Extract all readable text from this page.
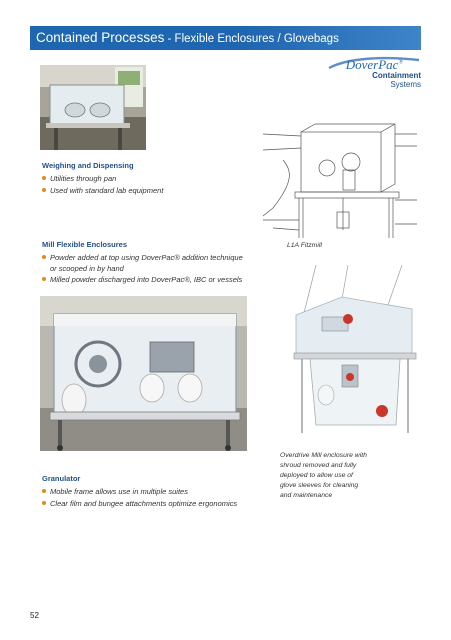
Contained Processes - Flexible Enclosures / Glovebags
DoverPac®
Containment
Systems
Weighing and Dispensing
Utilities through pan
Used with standard lab equipment
Mill Flexible Enclosures	L1A Fitzmill
Powder added at top using DoverPac® addition technique or scooped in by hand
Milled powder discharged into DoverPac®, IBC or vessels
Overdrive Mill enclosure with
shroud removed and fully
deployed to allow use of
glove sleeves for cleaning
and maintenance
Granulator
Mobile frame allows use in multiple suites
Clear film and bungee attachments optimize ergonomics
52
